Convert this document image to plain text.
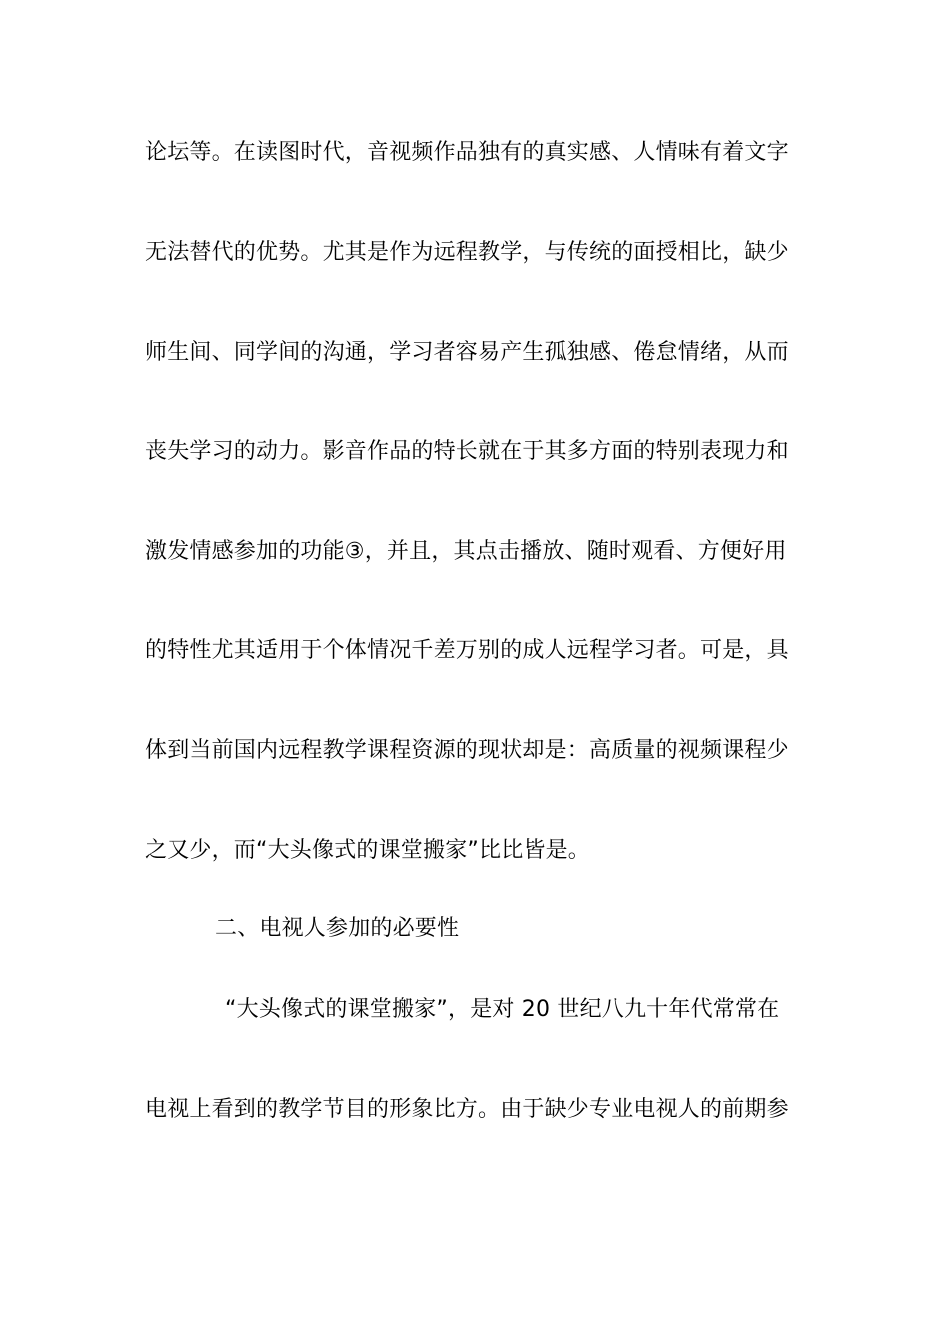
论坛等。在读图时代，音视频作品独有的真实感、人情味有着文字
无法替代的优势。尤其是作为远程教学，与传统的面授相比，缺少
师生间、同学间的沟通，学习者容易产生孤独感、倦怠情绪，从而
丧失学习的动力。影音作品的特长就在于其多方面的特别表现力和
激发情感参加的功能③，并且，其点击播放、随时观看、方便好用
的特性尤其适用于个体情况千差万别的成人远程学习者。可是，具
体到当前国内远程教学课程资源的现状却是：高质量的视频课程少
之又少，而“大头像式的课堂搬家”比比皆是。
二、电视人参加的必要性
“大头像式的课堂搬家”，是对 20 世纪八九十年代常常在
电视上看到的教学节目的形象比方。由于缺少专业电视人的前期参
